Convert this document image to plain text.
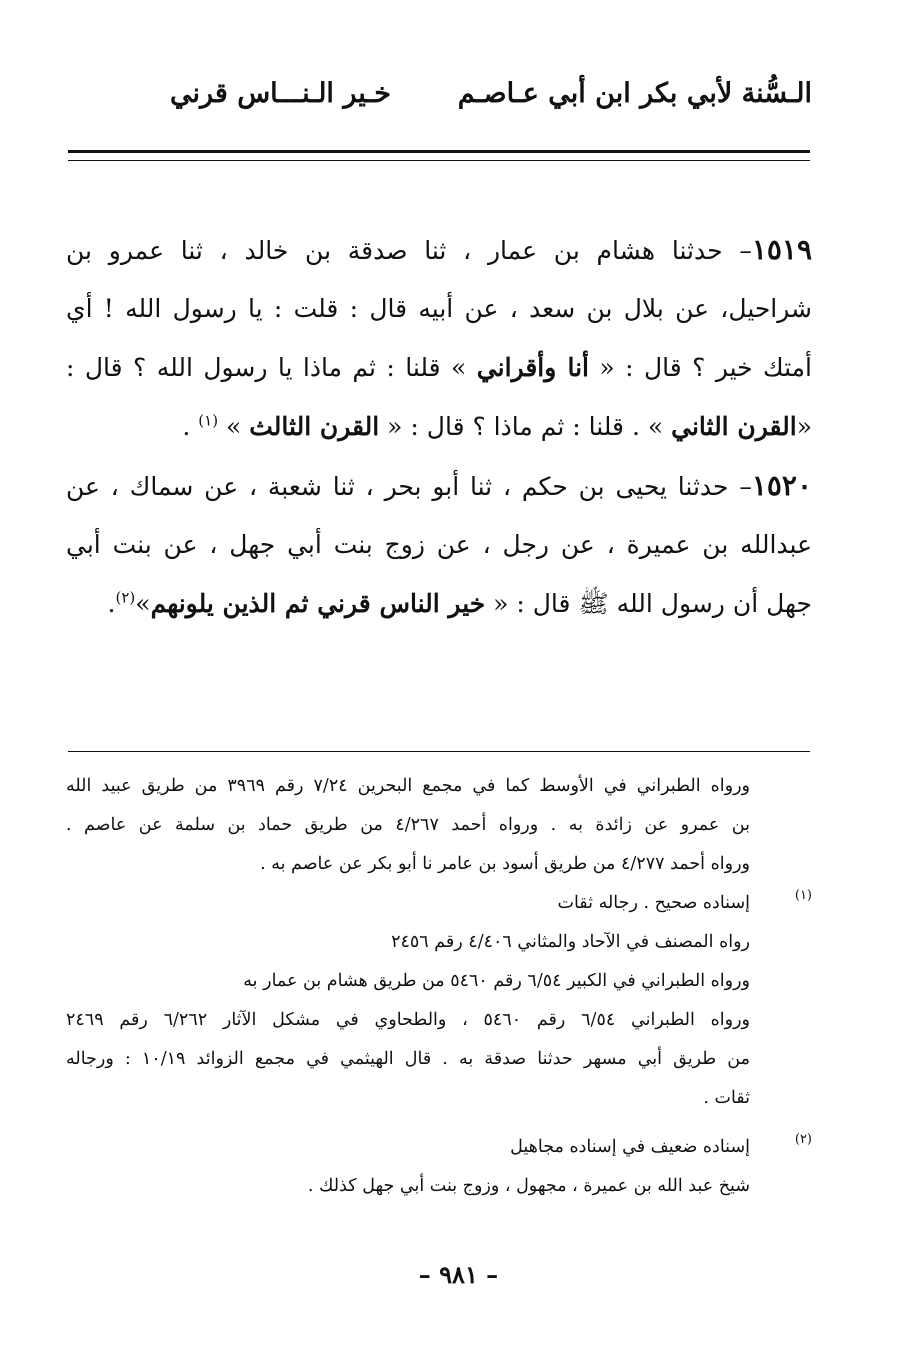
الـسُّنة لأبي بكر ابن أبي عـاصـم
خـير الـنـــاس قرني
١٥١٩– حدثنا هشام بن عمار ، ثنا صدقة بن خالد ، ثنا عمرو بن
شراحيل، عن بلال بن سعد ، عن أبيه قال : قلت : يا رسول الله ! أي
أمتك خير ؟ قال : « أنا وأقراني » قلنا : ثم ماذا يا رسول الله ؟ قال :
«القرن الثاني » . قلنا : ثم ماذا ؟ قال : « القرن الثالث » $^{(١)}$ .
١٥٢٠– حدثنا يحيى بن حكم ، ثنا أبو بحر ، ثنا شعبة ، عن سماك ، عن
عبدالله بن عميرة ، عن رجل ، عن زوج بنت أبي جهل ، عن بنت أبي
جهل أن رسول الله ﷺ قال : « خير الناس قرني ثم الذين يلونهم»$^{(٢)}$.
ورواه الطبراني في الأوسط كما في مجمع البحرين ٧/٢٤ رقم ٣٩٦٩ من طريق عبيد الله
بن عمرو عن زائدة به . ورواه أحمد ٤/٢٦٧ من طريق حماد بن سلمة عن عاصم .
ورواه أحمد ٤/٢٧٧ من طريق أسود بن عامر نا أبو بكر عن عاصم به .
(١)
إسناده صحيح . رجاله ثقات
رواه المصنف في الآحاد والمثاني ٤/٤٠٦ رقم ٢٤٥٦
ورواه الطبراني في الكبير ٦/٥٤ رقم ٥٤٦٠ من طريق هشام بن عمار به
ورواه الطبراني ٦/٥٤ رقم ٥٤٦٠ ، والطحاوي في مشكل الآثار ٦/٢٦٢ رقم ٢٤٦٩
من طريق أبي مسهر حدثنا صدقة به . قال الهيثمي في مجمع الزوائد ١٠/١٩ : ورجاله
ثقات .
(٢)
إسناده ضعيف في إسناده مجاهيل
شيخ عبد الله بن عميرة ، مجهول ، وزوج بنت أبي جهل كذلك .
– ٩٨١ –
